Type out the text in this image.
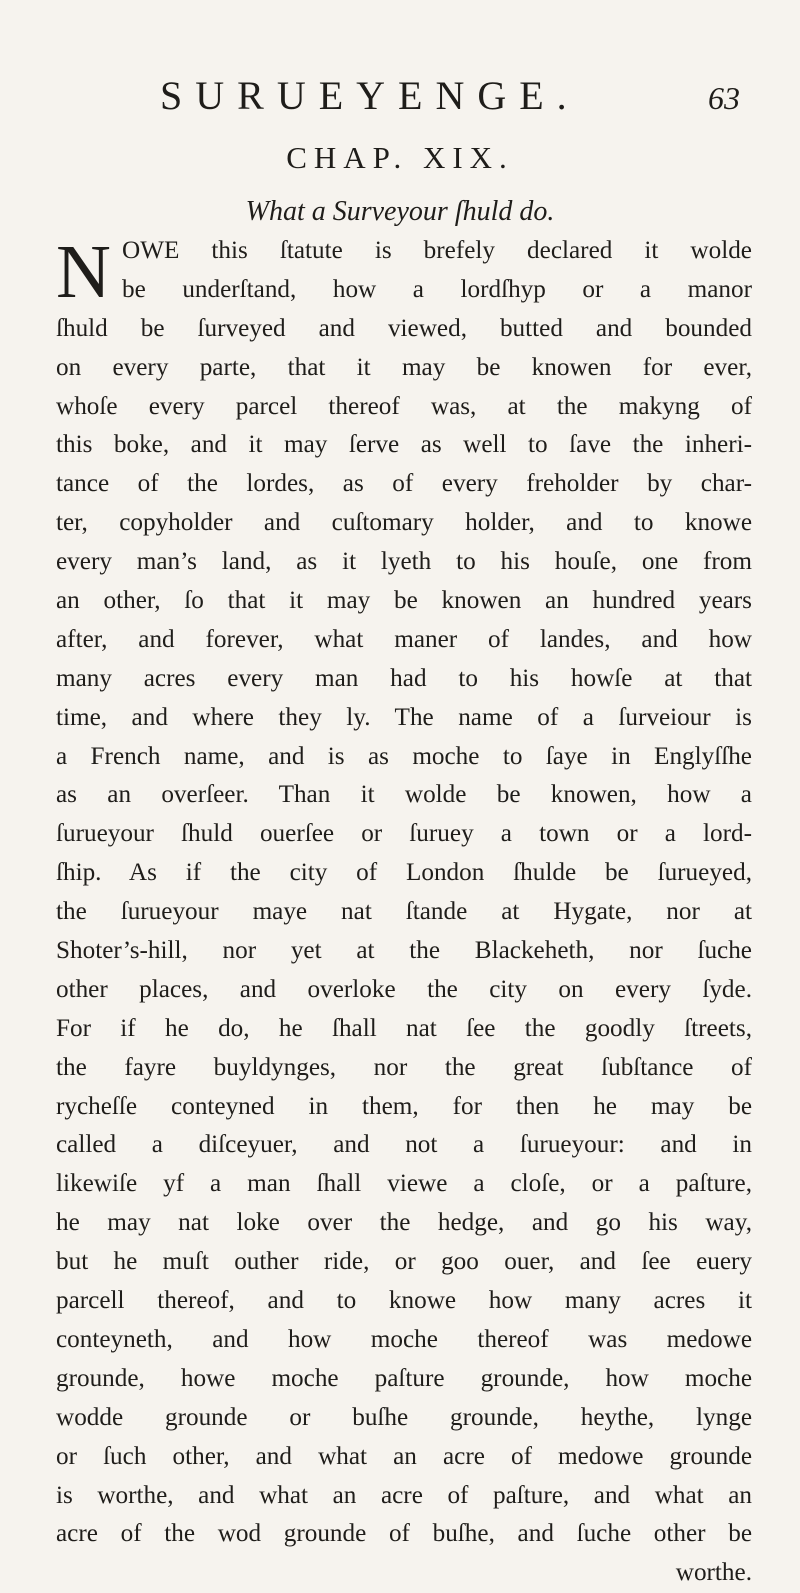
SURUEYENGE.	63
CHAP. XIX.
What a Surveyour ſhuld do.
N OWE this ſtatute is brefely declared it wolde
be underſtand, how a lordſhyp or a manor
ſhuld be ſurveyed and viewed, butted and bounded
on every parte, that it may be knowen for ever,
whoſe every parcel thereof was, at the makyng of
this boke, and it may ſerve as well to ſave the inheri-
tance of the lordes, as of every freholder by char-
ter, copyholder and cuſtomary holder, and to knowe
every man’s land, as it lyeth to his houſe, one from
an other, ſo that it may be knowen an hundred years
after, and forever, what maner of landes, and how
many acres every man had to his howſe at that
time, and where they ly. The name of a ſurveiour is
a French name, and is as moche to ſaye in Englyſſhe
as an overſeer. Than it wolde be knowen, how a
ſurueyour ſhuld ouerſee or ſuruey a town or a lord-
ſhip. As if the city of London ſhulde be ſurueyed,
the ſurueyour maye nat ſtande at Hygate, nor at
Shoter’s-hill, nor yet at the Blackeheth, nor ſuche
other places, and overloke the city on every ſyde.
For if he do, he ſhall nat ſee the goodly ſtreets,
the fayre buyldynges, nor the great ſubſtance of
rycheſſe conteyned in them, for then he may be
called a diſceyuer, and not a ſurueyour: and in
likewiſe yf a man ſhall viewe a cloſe, or a paſture,
he may nat loke over the hedge, and go his way,
but he muſt outher ride, or goo ouer, and ſee euery
parcell thereof, and to knowe how many acres it
conteyneth, and how moche thereof was medowe
grounde, howe moche paſture grounde, how moche
wodde grounde or buſhe grounde, heythe, lynge
or ſuch other, and what an acre of medowe grounde
is worthe, and what an acre of paſture, and what an
acre of the wod grounde of buſhe, and ſuche other be
worthe.
